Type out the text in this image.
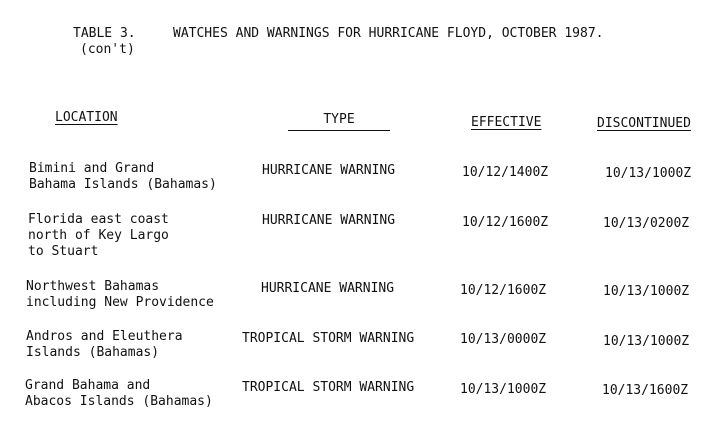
TABLE 3.	WATCHES AND WARNINGS FOR HURRICANE FLOYD, OCTOBER 1987.
(con't)
LOCATION	TYPE	EFFECTIVE	DISCONTINUED
Bimini and Grand
Bahama Islands (Bahamas)
HURRICANE WARNING	10/12/1400Z	10/13/1000Z
Florida east coast
north of Key Largo
to Stuart
HURRICANE WARNING	10/12/1600Z	10/13/0200Z
Northwest Bahamas
including New Providence
HURRICANE WARNING	10/12/1600Z	10/13/1000Z
Andros and Eleuthera
Islands (Bahamas)
TROPICAL STORM WARNING	10/13/0000Z	10/13/1000Z
Grand Bahama and
Abacos Islands (Bahamas)
TROPICAL STORM WARNING	10/13/1000Z	10/13/1600Z
